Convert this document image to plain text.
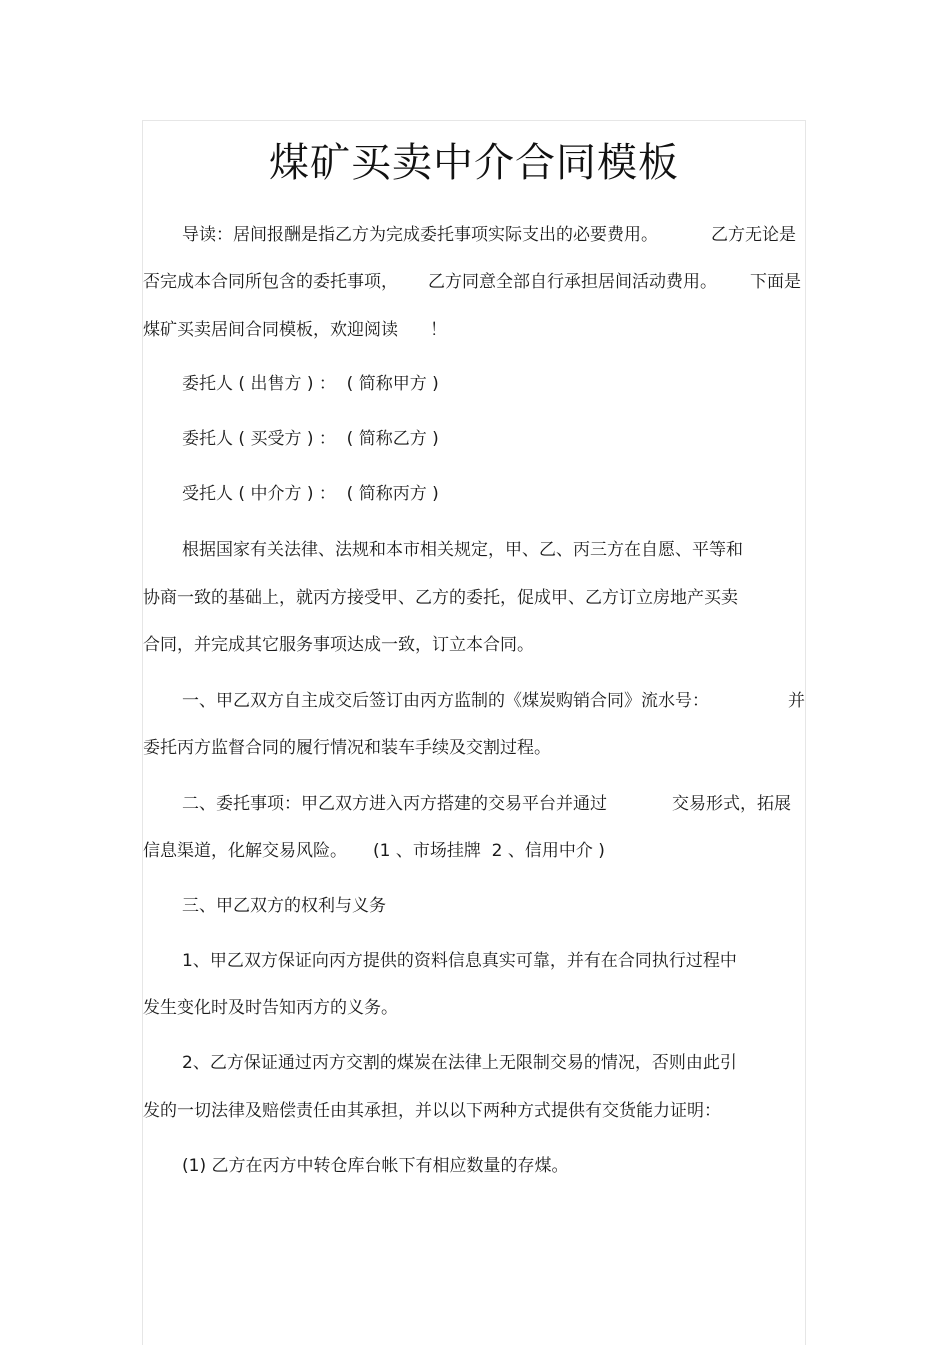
煤矿买卖中介合同模板
导读：居间报酬是指乙方为完成委托事项实际支出的必要费用。	乙方无论是
否完成本合同所包含的委托事项， 乙方同意全部自行承担居间活动费用。 下面是
煤矿买卖居间合同模板，欢迎阅读 ！
委托人 ( 出售方 ) ：  ( 简称甲方 )
委托人 ( 买受方 ) ：  ( 简称乙方 )
受托人 ( 中介方 ) ：  ( 简称丙方 )
根据国家有关法律、法规和本市相关规定，甲、乙、丙三方在自愿、平等和
协商一致的基础上，就丙方接受甲、乙方的委托，促成甲、乙方订立房地产买卖
合同，并完成其它服务事项达成一致，订立本合同。
一、甲乙双方自主成交后签订由丙方监制的《煤炭购销合同》流水号：	并
委托丙方监督合同的履行情况和装车手续及交割过程。
二、委托事项：甲乙双方进入丙方搭建的交易平台并通过	交易形式，拓展
信息渠道，化解交易风险。 (1 、市场挂牌  2 、信用中介 )
三、甲乙双方的权利与义务
1、甲乙双方保证向丙方提供的资料信息真实可靠，并有在合同执行过程中
发生变化时及时告知丙方的义务。
2、乙方保证通过丙方交割的煤炭在法律上无限制交易的情况，否则由此引
发的一切法律及赔偿责任由其承担，并以以下两种方式提供有交货能力证明：
(1) 乙方在丙方中转仓库台帐下有相应数量的存煤。
